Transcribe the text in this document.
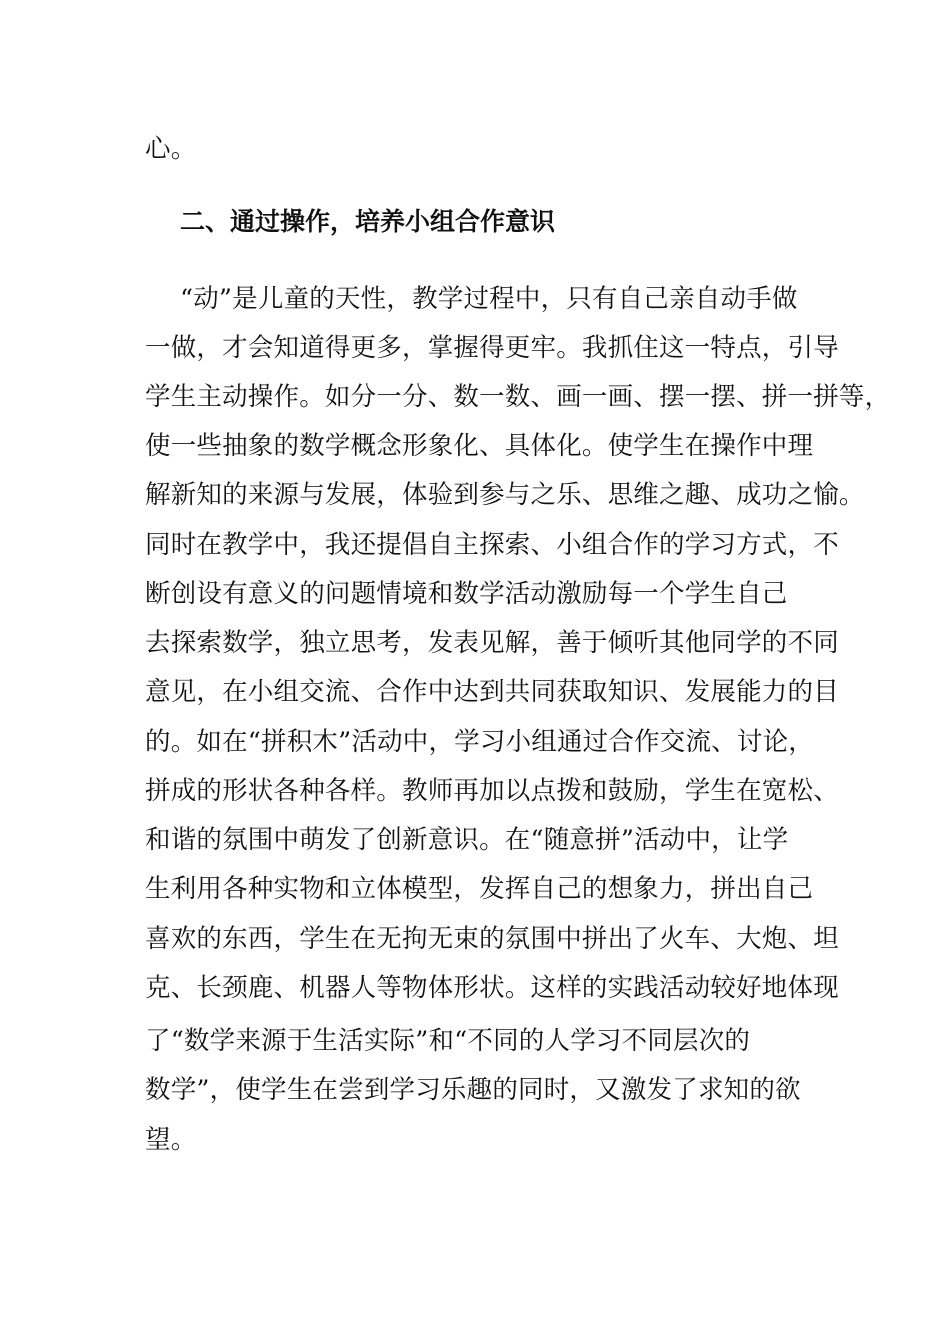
心。
二、通过操作，培养小组合作意识
“动”是儿童的天性，教学过程中，只有自己亲自动手做
一做，才会知道得更多，掌握得更牢。我抓住这一特点，引导
学生主动操作。如分一分、数一数、画一画、摆一摆、拼一拼等，
使一些抽象的数学概念形象化、具体化。使学生在操作中理
解新知的来源与发展，体验到参与之乐、思维之趣、成功之愉。
同时在教学中，我还提倡自主探索、小组合作的学习方式，不
断创设有意义的问题情境和数学活动激励每一个学生自己
去探索数学，独立思考，发表见解，善于倾听其他同学的不同
意见，在小组交流、合作中达到共同获取知识、发展能力的目
的。如在“拼积木”活动中，学习小组通过合作交流、讨论，
拼成的形状各种各样。教师再加以点拨和鼓励，学生在宽松、
和谐的氛围中萌发了创新意识。在“随意拼”活动中，让学
生利用各种实物和立体模型，发挥自己的想象力，拼出自己
喜欢的东西，学生在无拘无束的氛围中拼出了火车、大炮、坦
克、长颈鹿、机器人等物体形状。这样的实践活动较好地体现
了“数学来源于生活实际”和“不同的人学习不同层次的
数学”，使学生在尝到学习乐趣的同时，又激发了求知的欲
望。
